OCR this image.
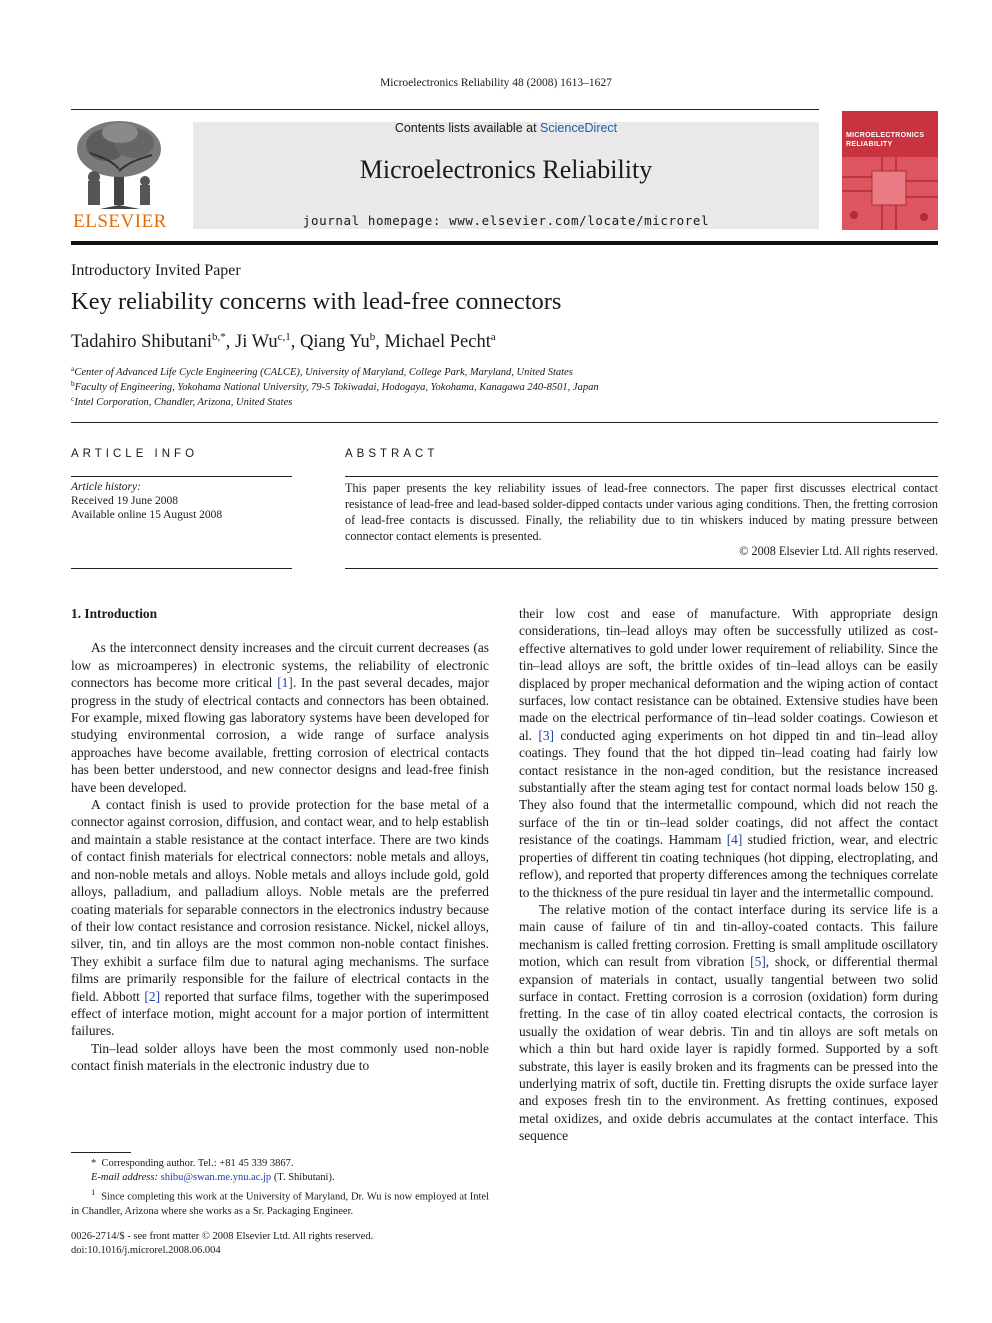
Microelectronics Reliability 48 (2008) 1613–1627
ELSEVIER
Contents lists available at ScienceDirect
Microelectronics Reliability
journal homepage: www.elsevier.com/locate/microrel
MICROELECTRONICS
RELIABILITY
Introductory Invited Paper
Key reliability concerns with lead-free connectors
Tadahiro Shibutani$^{b,*}$, Ji Wu$^{c,1}$, Qiang Yu$^b$, Michael Pecht$^a$
$^a$Center of Advanced Life Cycle Engineering (CALCE), University of Maryland, College Park, Maryland, United States
$^b$Faculty of Engineering, Yokohama National University, 79-5 Tokiwadai, Hodogaya, Yokohama, Kanagawa 240-8501, Japan
$^c$Intel Corporation, Chandler, Arizona, United States
ARTICLE INFO
Article history:
Received 19 June 2008
Available online 15 August 2008
ABSTRACT
This paper presents the key reliability issues of lead-free connectors. The paper first discusses electrical contact resistance of lead-free and lead-based solder-dipped contacts under various aging conditions. Then, the fretting corrosion of lead-free contacts is discussed. Finally, the reliability due to tin whiskers induced by mating pressure between connector contact elements is presented.
© 2008 Elsevier Ltd. All rights reserved.

1. Introduction

As the interconnect density increases and the circuit current decreases (as low as microamperes) in electronic systems, the reliability of electronic connectors has become more critical [1]. In the past several decades, major progress in the study of electrical contacts and connectors has been obtained. For example, mixed flowing gas laboratory systems have been developed for studying environmental corrosion, a wide range of surface analysis approaches have become available, fretting corrosion of electrical contacts has been better understood, and new connector designs and lead-free finish have been developed.

A contact finish is used to provide protection for the base metal of a connector against corrosion, diffusion, and contact wear, and to help establish and maintain a stable resistance at the contact interface. There are two kinds of contact finish materials for electrical connectors: noble metals and alloys, and non-noble metals and alloys. Noble metals and alloys include gold, gold alloys, palladium, and palladium alloys. Noble metals are the preferred coating materials for separable connectors in the electronics industry because of their low contact resistance and corrosion resistance. Nickel, nickel alloys, silver, tin, and tin alloys are the most common non-noble contact finishes. They exhibit a surface film due to natural aging mechanisms. The surface films are primarily responsible for the failure of electrical contacts in the field. Abbott [2] reported that surface films, together with the superimposed effect of interface motion, might account for a major portion of intermittent failures.

Tin–lead solder alloys have been the most commonly used non-noble contact finish materials in the electronic industry due to

their low cost and ease of manufacture. With appropriate design considerations, tin–lead alloys may often be successfully utilized as cost-effective alternatives to gold under lower requirement of reliability. Since the tin–lead alloys are soft, the brittle oxides of tin–lead alloys can be easily displaced by proper mechanical deformation and the wiping action of contact surfaces, low contact resistance can be obtained. Extensive studies have been made on the electrical performance of tin–lead solder coatings. Cowieson et al. [3] conducted aging experiments on hot dipped tin and tin–lead alloy coatings. They found that the hot dipped tin–lead coating had fairly low contact resistance in the non-aged condition, but the resistance increased substantially after the steam aging test for contact normal loads below 150 g. They also found that the intermetallic compound, which did not reach the surface of the tin or tin–lead solder coatings, did not affect the contact resistance of the coatings. Hammam [4] studied friction, wear, and electric properties of different tin coating techniques (hot dipping, electroplating, and reflow), and reported that property differences among the techniques correlate to the thickness of the pure residual tin layer and the intermetallic compound.

The relative motion of the contact interface during its service life is a main cause of failure of tin and tin-alloy-coated contacts. This failure mechanism is called fretting corrosion. Fretting is small amplitude oscillatory motion, which can result from vibration [5], shock, or differential thermal expansion of materials in contact, usually tangential between two solid surface in contact. Fretting corrosion is a corrosion (oxidation) form during fretting. In the case of tin alloy coated electrical contacts, the corrosion is usually the oxidation of wear debris. Tin and tin alloys are soft metals on which a thin but hard oxide layer is rapidly formed. Supported by a soft substrate, this layer is easily broken and its fragments can be pressed into the underlying matrix of soft, ductile tin. Fretting disrupts the oxide surface layer and exposes fresh tin to the environment. As fretting continues, exposed metal oxidizes, and oxide debris accumulates at the contact interface. This sequence

* Corresponding author. Tel.: +81 45 339 3867.
E-mail address: shibu@swan.me.ynu.ac.jp (T. Shibutani).
$^1$ Since completing this work at the University of Maryland, Dr. Wu is now employed at Intel in Chandler, Arizona where she works as a Sr. Packaging Engineer.
0026-2714/$ - see front matter © 2008 Elsevier Ltd. All rights reserved.
doi:10.1016/j.microrel.2008.06.004
